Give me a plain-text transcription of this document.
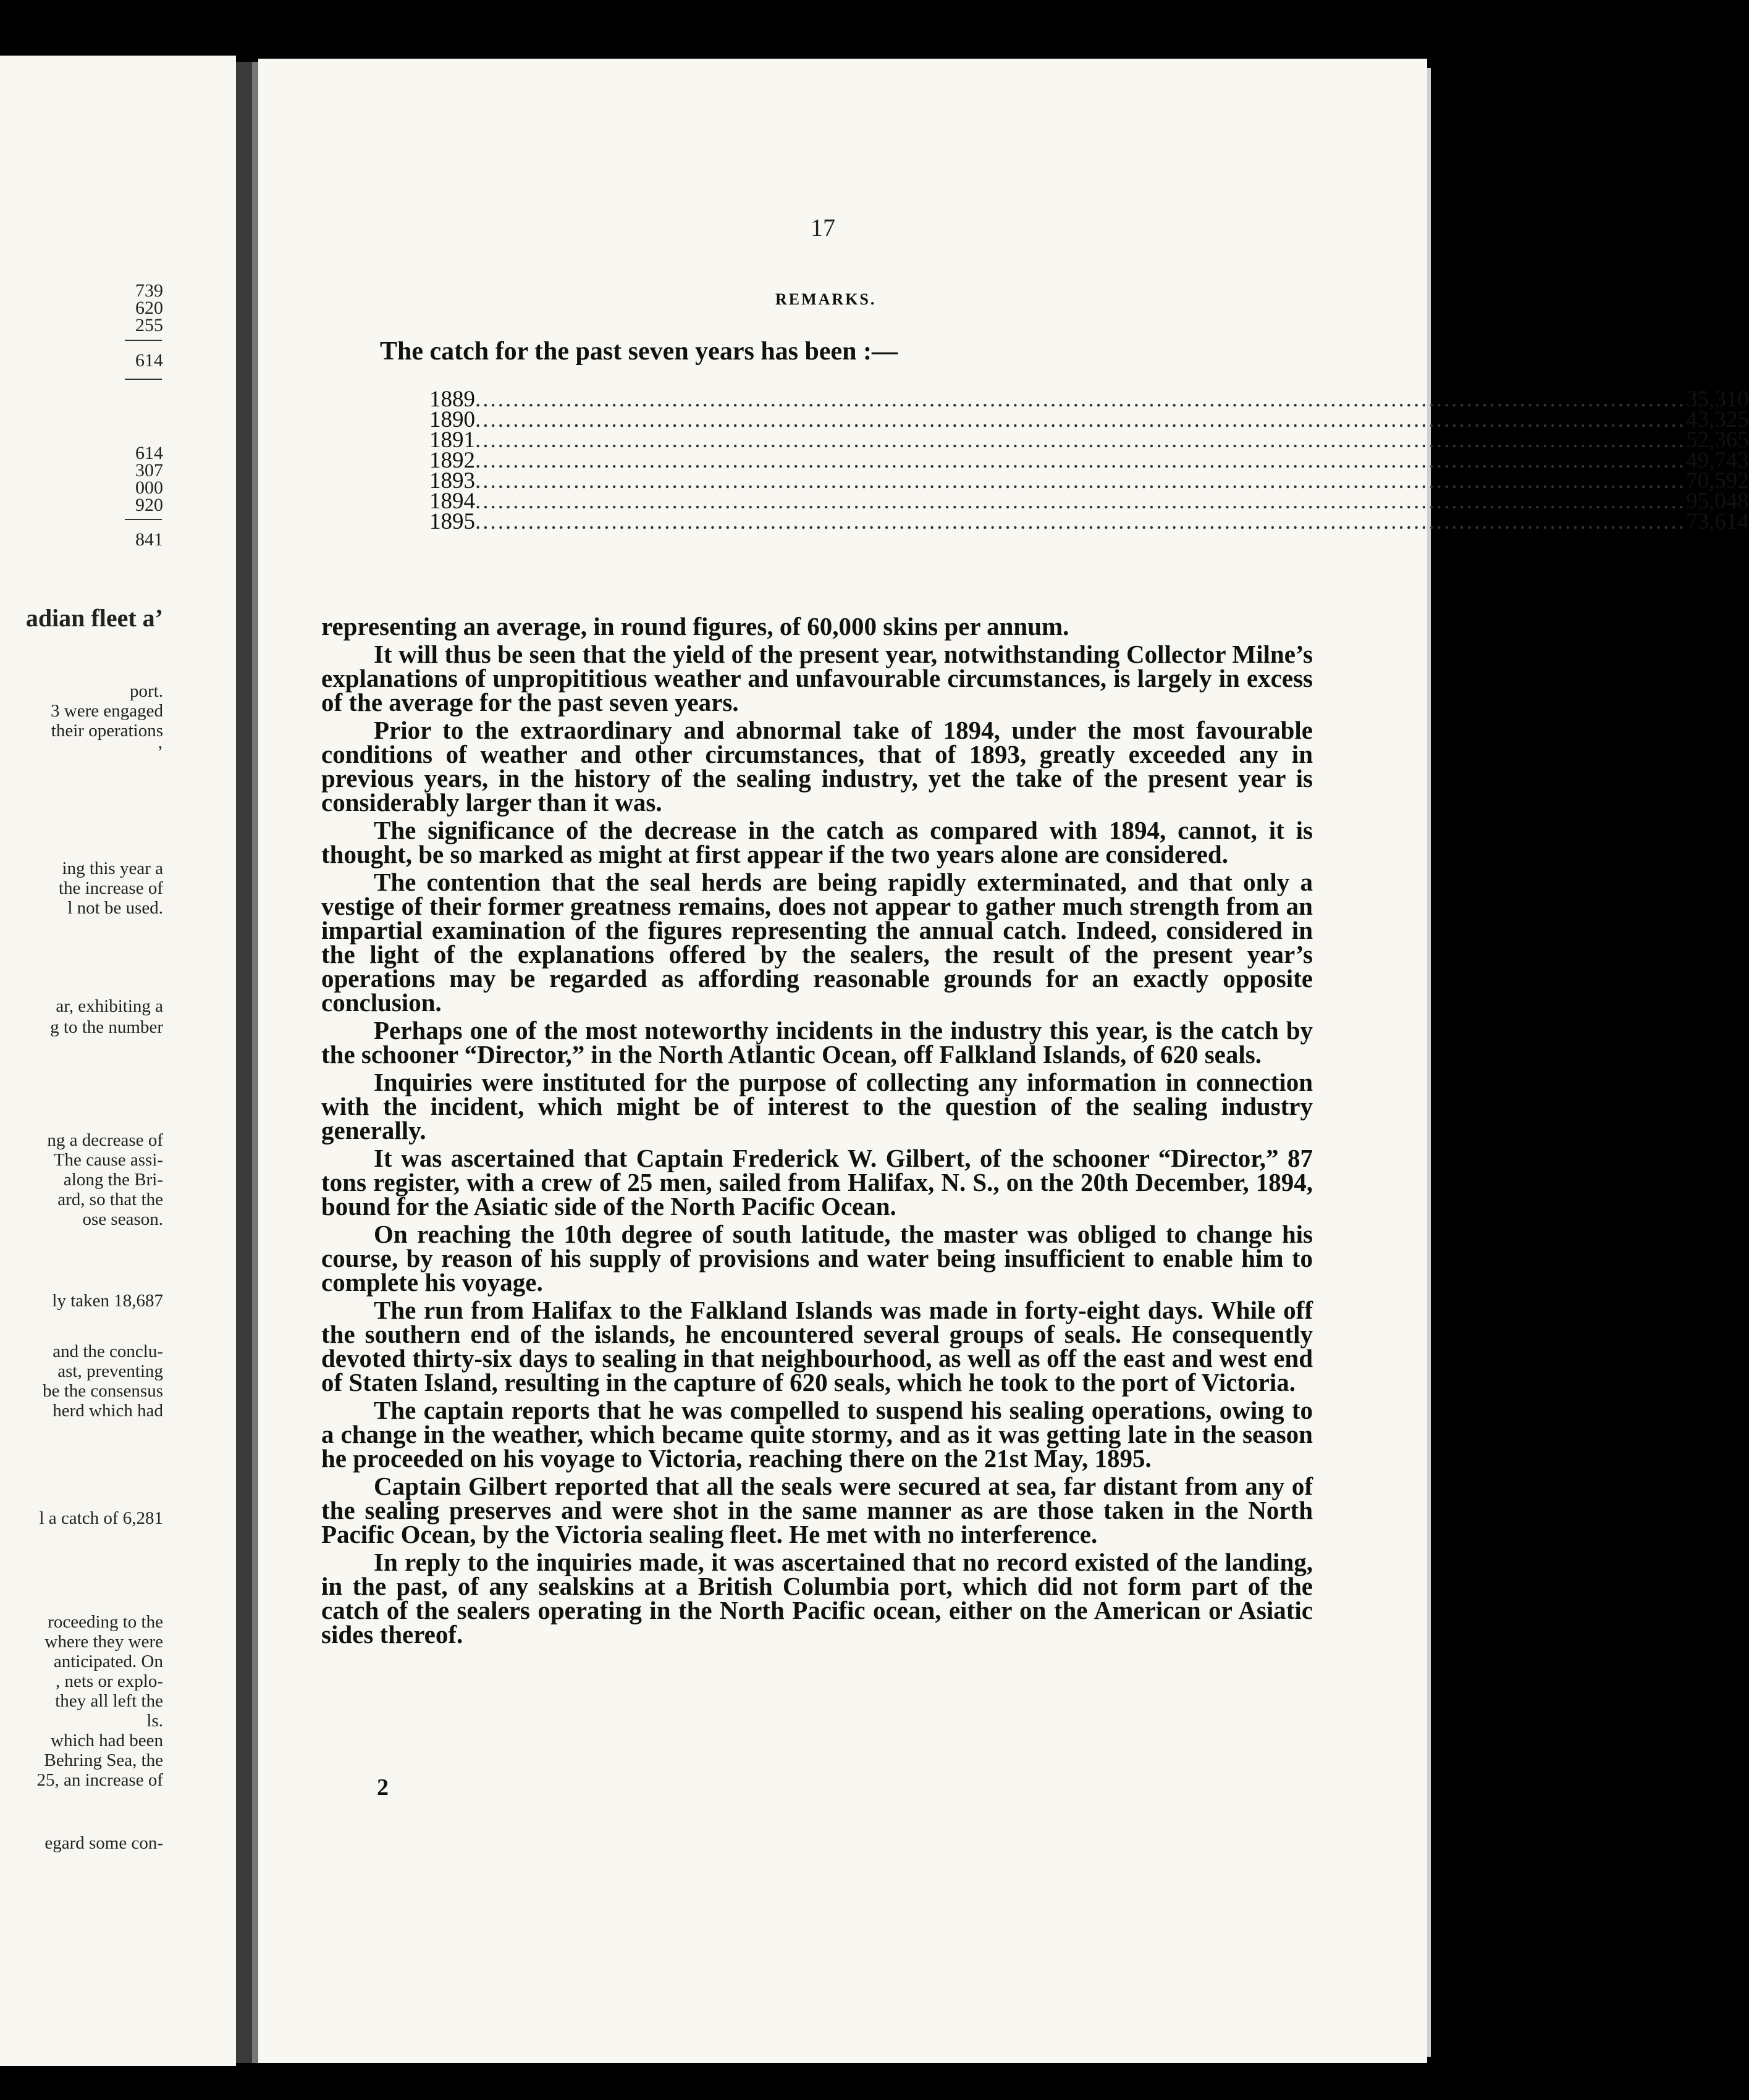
739
620
255
614
614
307
000
920
841
adian fleet a’
port.
3 were engaged
their operations
’
ing this year a
the increase of
l not be used.
ar, exhibiting a
g to the number
ng a decrease of
The cause assi-
along the Bri-
ard, so that the
ose season.
ly taken 18,687
and the conclu-
ast, preventing
be the consensus
herd which had
l a catch of 6,281
roceeding to the
where they were
anticipated. On
, nets or explo-
they all left the
ls.
which had been
Behring Sea, the
25, an increase of
egard some con-
17
REMARKS.
The catch for the past seven years has been :—
1889 ................................................................................................................................................................ 35,310
1890 ................................................................................................................................................................ 43,325
1891 ................................................................................................................................................................ 52,365
1892 ................................................................................................................................................................ 49,743
1893 ................................................................................................................................................................ 70,592
1894 ................................................................................................................................................................ 95,048
1895 ................................................................................................................................................................ 73,614

representing an average, in round figures, of 60,000 skins per annum.

It will thus be seen that the yield of the present year, notwithstanding Collector Milne’s explanations of unpropititious weather and unfavourable circumstances, is largely in excess of the average for the past seven years.

Prior to the extraordinary and abnormal take of 1894, under the most favourable conditions of weather and other circumstances, that of 1893, greatly exceeded any in previous years, in the history of the sealing industry, yet the take of the present year is considerably larger than it was.

The significance of the decrease in the catch as compared with 1894, cannot, it is thought, be so marked as might at first appear if the two years alone are considered.

The contention that the seal herds are being rapidly exterminated, and that only a vestige of their former greatness remains, does not appear to gather much strength from an impartial examination of the figures representing the annual catch. Indeed, considered in the light of the explanations offered by the sealers, the result of the present year’s operations may be regarded as affording reasonable grounds for an exactly opposite conclusion.

Perhaps one of the most noteworthy incidents in the industry this year, is the catch by the schooner “Director,” in the North Atlantic Ocean, off Falkland Islands, of 620 seals.

Inquiries were instituted for the purpose of collecting any information in connection with the incident, which might be of interest to the question of the sealing industry generally.

It was ascertained that Captain Frederick W. Gilbert, of the schooner “Director,” 87 tons register, with a crew of 25 men, sailed from Halifax, N. S., on the 20th December, 1894, bound for the Asiatic side of the North Pacific Ocean.

On reaching the 10th degree of south latitude, the master was obliged to change his course, by reason of his supply of provisions and water being insufficient to enable him to complete his voyage.

The run from Halifax to the Falkland Islands was made in forty-eight days. While off the southern end of the islands, he encountered several groups of seals. He consequently devoted thirty-six days to sealing in that neighbourhood, as well as off the east and west end of Staten Island, resulting in the capture of 620 seals, which he took to the port of Victoria.

The captain reports that he was compelled to suspend his sealing operations, owing to a change in the weather, which became quite stormy, and as it was getting late in the season he proceeded on his voyage to Victoria, reaching there on the 21st May, 1895.

Captain Gilbert reported that all the seals were secured at sea, far distant from any of the sealing preserves and were shot in the same manner as are those taken in the North Pacific Ocean, by the Victoria sealing fleet. He met with no interference.

In reply to the inquiries made, it was ascertained that no record existed of the landing, in the past, of any sealskins at a British Columbia port, which did not form part of the catch of the sealers operating in the North Pacific ocean, either on the American or Asiatic sides thereof.

2
